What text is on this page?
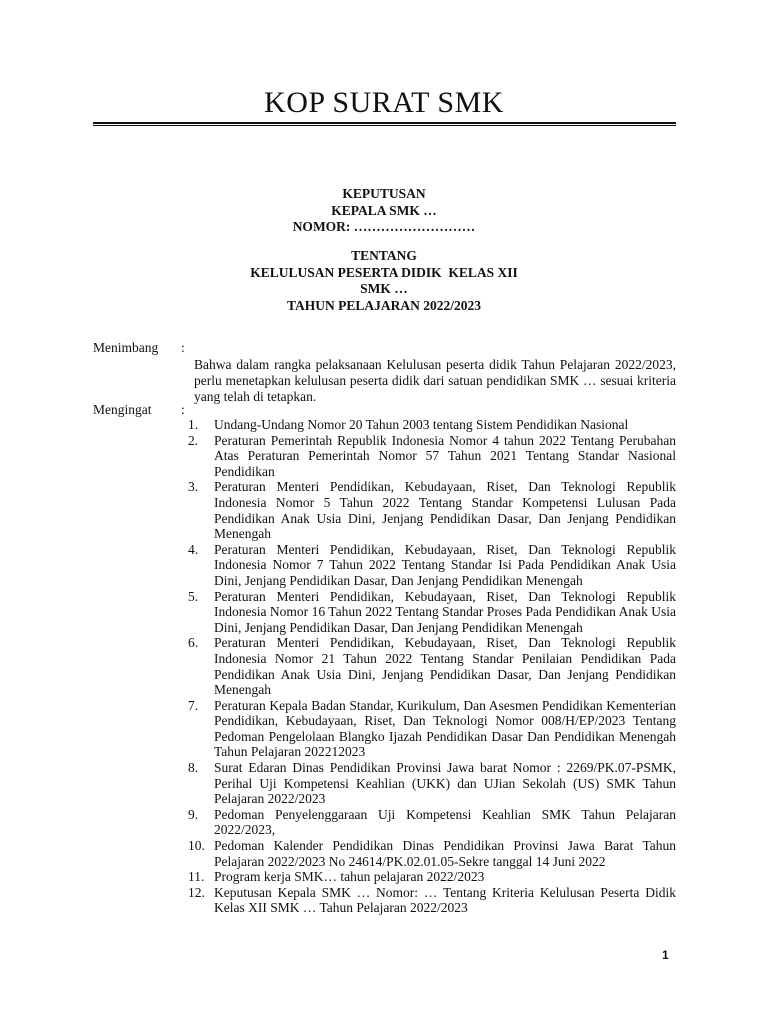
KOP SURAT SMK
KEPUTUSAN
KEPALA SMK …
NOMOR: ………………………
TENTANG
KELULUSAN PESERTA DIDIK  KELAS XII
SMK …
TAHUN PELAJARAN 2022/2023
Menimbang :

Bahwa dalam rangka pelaksanaan Kelulusan peserta didik Tahun Pelajaran 2022/2023, perlu menetapkan kelulusan peserta didik dari satuan pendidikan SMK … sesuai kriteria yang telah di tetapkan.

Mengingat :
1. Undang-Undang Nomor 20 Tahun 2003 tentang Sistem Pendidikan Nasional
2. Peraturan Pemerintah Republik Indonesia Nomor 4 tahun 2022 Tentang Perubahan Atas Peraturan Pemerintah Nomor 57 Tahun 2021 Tentang Standar Nasional Pendidikan
3. Peraturan Menteri Pendidikan, Kebudayaan, Riset, Dan Teknologi Republik Indonesia Nomor 5 Tahun 2022 Tentang Standar Kompetensi Lulusan Pada Pendidikan Anak Usia Dini, Jenjang Pendidikan Dasar, Dan Jenjang Pendidikan Menengah
4. Peraturan Menteri Pendidikan, Kebudayaan, Riset, Dan Teknologi Republik Indonesia Nomor 7 Tahun 2022 Tentang Standar Isi Pada Pendidikan Anak Usia Dini, Jenjang Pendidikan Dasar, Dan Jenjang Pendidikan Menengah
5. Peraturan Menteri Pendidikan, Kebudayaan, Riset, Dan Teknologi Republik Indonesia Nomor 16 Tahun 2022 Tentang Standar Proses Pada Pendidikan Anak Usia Dini, Jenjang Pendidikan Dasar, Dan Jenjang Pendidikan Menengah
6. Peraturan Menteri Pendidikan, Kebudayaan, Riset, Dan Teknologi Republik Indonesia Nomor 21 Tahun 2022 Tentang Standar Penilaian Pendidikan Pada Pendidikan Anak Usia Dini, Jenjang Pendidikan Dasar, Dan Jenjang Pendidikan Menengah
7. Peraturan Kepala Badan Standar, Kurikulum, Dan Asesmen Pendidikan Kementerian Pendidikan, Kebudayaan, Riset, Dan Teknologi Nomor 008/H/EP/2023 Tentang Pedoman Pengelolaan Blangko Ijazah Pendidikan Dasar Dan Pendidikan Menengah Tahun Pelajaran 202212023
8. Surat Edaran Dinas Pendidikan Provinsi Jawa barat Nomor : 2269/PK.07-PSMK, Perihal Uji Kompetensi Keahlian (UKK) dan UJian Sekolah (US) SMK Tahun Pelajaran 2022/2023
9. Pedoman Penyelenggaraan Uji Kompetensi Keahlian SMK Tahun Pelajaran 2022/2023,
10. Pedoman Kalender Pendidikan Dinas Pendidikan Provinsi Jawa Barat Tahun Pelajaran 2022/2023 No 24614/PK.02.01.05-Sekre tanggal 14 Juni 2022
11. Program kerja SMK… tahun pelajaran 2022/2023
12. Keputusan Kepala SMK … Nomor: … Tentang Kriteria Kelulusan Peserta Didik Kelas XII SMK … Tahun Pelajaran 2022/2023
1
